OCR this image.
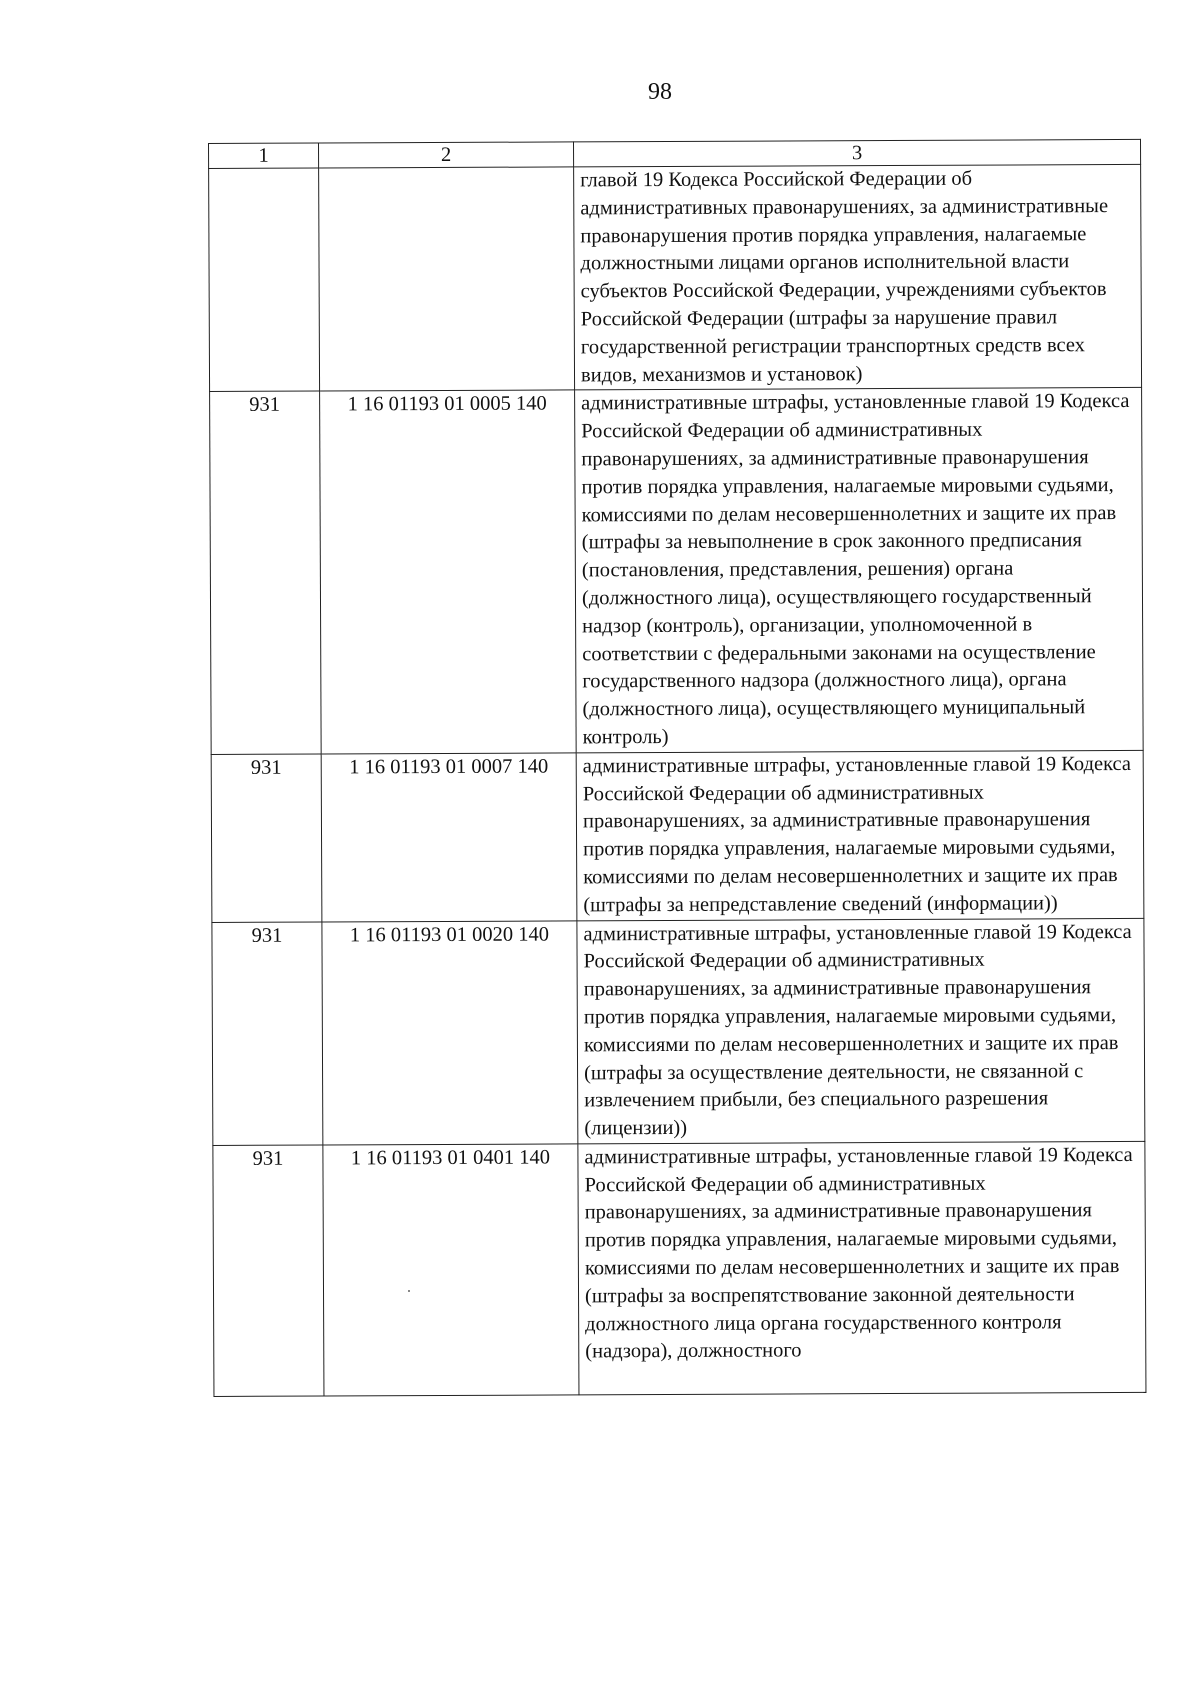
98
1	2	3
		главой 19 Кодекса Российской Федерации об административных правонарушениях, за административные правонарушения против порядка управления, налагаемые должностными лицами органов исполнительной власти субъектов Российской Федерации, учреждениями субъектов Российской Федерации (штрафы за нарушение правил государственной регистрации транспортных средств всех видов, механизмов и установок)
931	1 16 01193 01 0005 140	административные штрафы, установленные главой 19 Кодекса Российской Федерации об административных правонарушениях, за административные правонарушения против порядка управления, налагаемые мировыми судьями, комиссиями по делам несовершеннолетних и защите их прав (штрафы за невыполнение в срок законного предписания (постановления, представления, решения) органа (должностного лица), осуществляющего государственный надзор (контроль), организации, уполномоченной в соответствии с федеральными законами на осуществление государственного надзора (должностного лица), органа (должностного лица), осуществляющего муниципальный контроль)
931	1 16 01193 01 0007 140	административные штрафы, установленные главой 19 Кодекса Российской Федерации об административных правонарушениях, за административные правонарушения против порядка управления, налагаемые мировыми судьями, комиссиями по делам несовершеннолетних и защите их прав (штрафы за непредставление сведений (информации))
931	1 16 01193 01 0020 140	административные штрафы, установленные главой 19 Кодекса Российской Федерации об административных правонарушениях, за административные правонарушения против порядка управления, налагаемые мировыми судьями, комиссиями по делам несовершеннолетних и защите их прав (штрафы за осуществление деятельности, не связанной с извлечением прибыли, без специального разрешения (лицензии))
931	1 16 01193 01 0401 140	административные штрафы, установленные главой 19 Кодекса Российской Федерации об административных правонарушениях, за административные правонарушения против порядка управления, налагаемые мировыми судьями, комиссиями по делам несовершеннолетних и защите их прав (штрафы за воспрепятствование законной деятельности должностного лица органа государственного контроля (надзора), должностного
